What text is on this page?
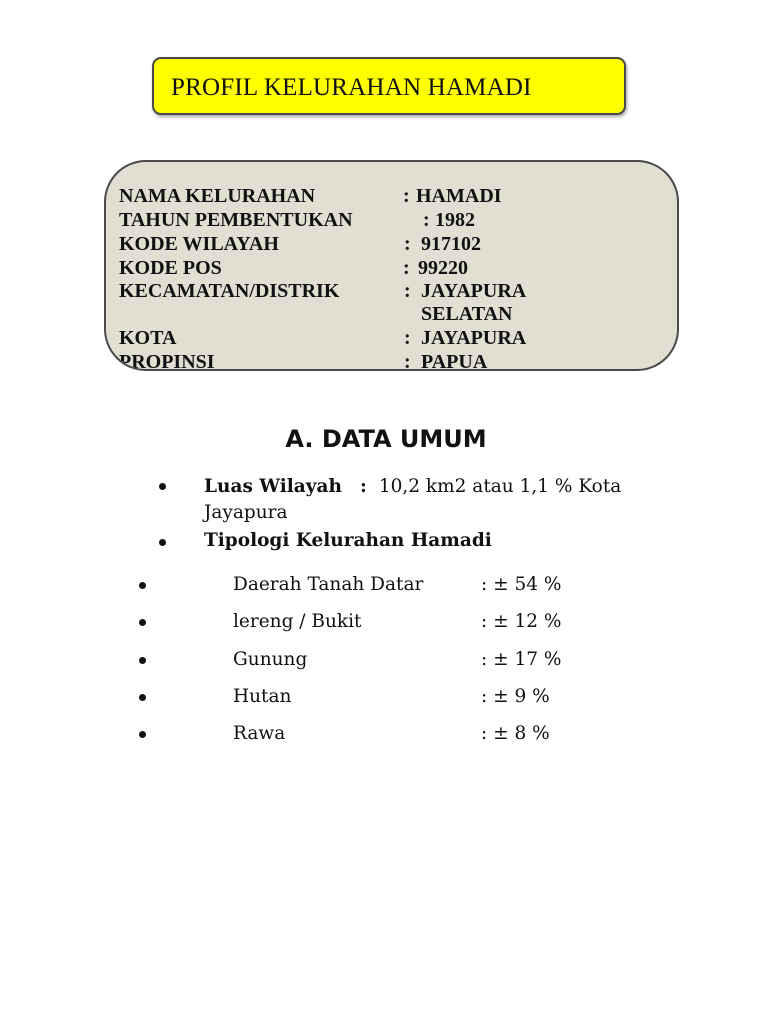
PROFIL KELURAHAN HAMADI
NAMA KELURAHAN	: HAMADI
TAHUN PEMBENTUKAN	: 1982
KODE WILAYAH	: 917102
KODE POS	: 99220
KECAMATAN/DISTRIK	: JAYAPURA
SELATAN
KOTA	: JAYAPURA
PROPINSI	: PAPUA
A. DATA UMUM
Luas Wilayah : 10,2 km2 atau 1,1 % Kota
Jayapura
Tipologi Kelurahan Hamadi
Daerah Tanah Datar	: ± 54 %
lereng / Bukit	: ± 12 %
Gunung	: ± 17 %
Hutan	: ± 9 %
Rawa	: ± 8 %
